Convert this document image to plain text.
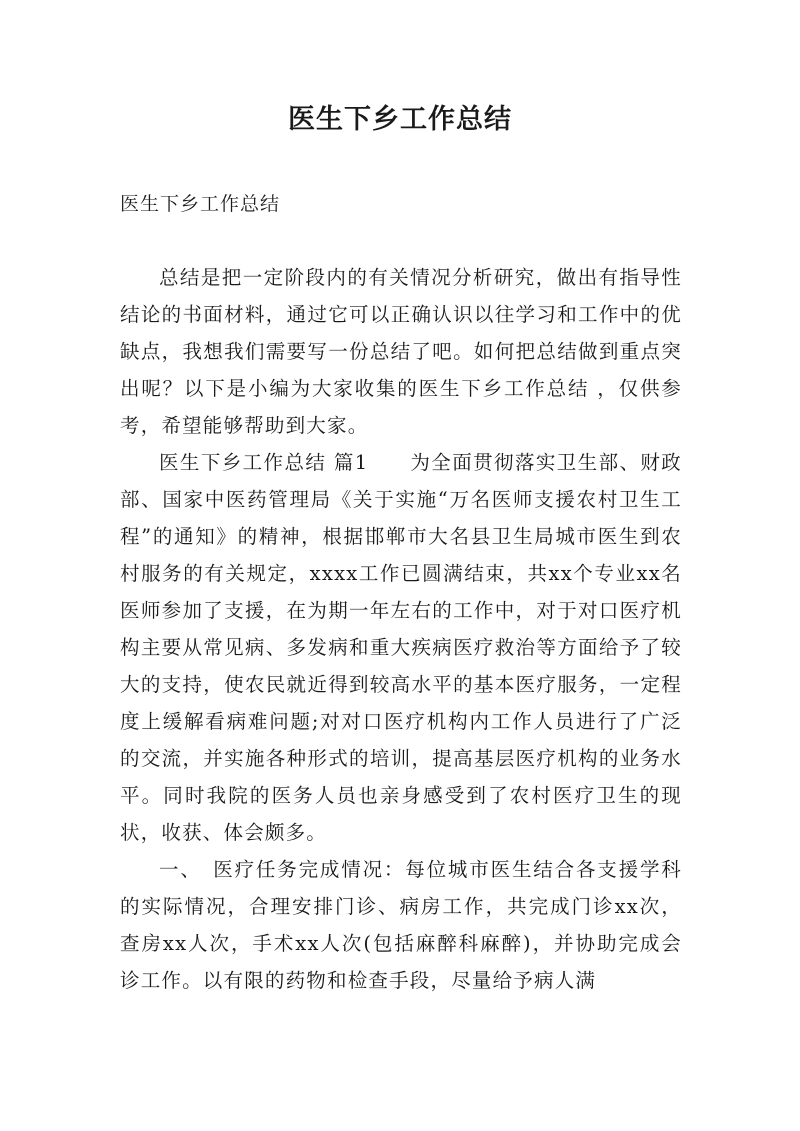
医生下乡工作总结

医生下乡工作总结

总结是把一定阶段内的有关情况分析研究，做出有指导性结论的书面材料，通过它可以正确认识以往学习和工作中的优缺点，我想我们需要写一份总结了吧。如何把总结做到重点突出呢？以下是小编为大家收集的医生下乡工作总结 ，仅供参考，希望能够帮助到大家。

医生下乡工作总结 篇1　　为全面贯彻落实卫生部、财政部、国家中医药管理局《关于实施“万名医师支援农村卫生工程”的通知》的精神，根据邯郸市大名县卫生局城市医生到农村服务的有关规定，xxxx工作已圆满结束，共xx个专业xx名医师参加了支援，在为期一年左右的工作中，对于对口医疗机构主要从常见病、多发病和重大疾病医疗救治等方面给予了较大的支持，使农民就近得到较高水平的基本医疗服务，一定程度上缓解看病难问题;对对口医疗机构内工作人员进行了广泛的交流，并实施各种形式的培训，提高基层医疗机构的业务水平。同时我院的医务人员也亲身感受到了农村医疗卫生的现状，收获、体会颇多。

一、　医疗任务完成情况：每位城市医生结合各支援学科的实际情况，合理安排门诊、病房工作，共完成门诊xx次，查房xx人次，手术xx人次(包括麻醉科麻醉)，并协助完成会诊工作。以有限的药物和检查手段，尽量给予病人满
